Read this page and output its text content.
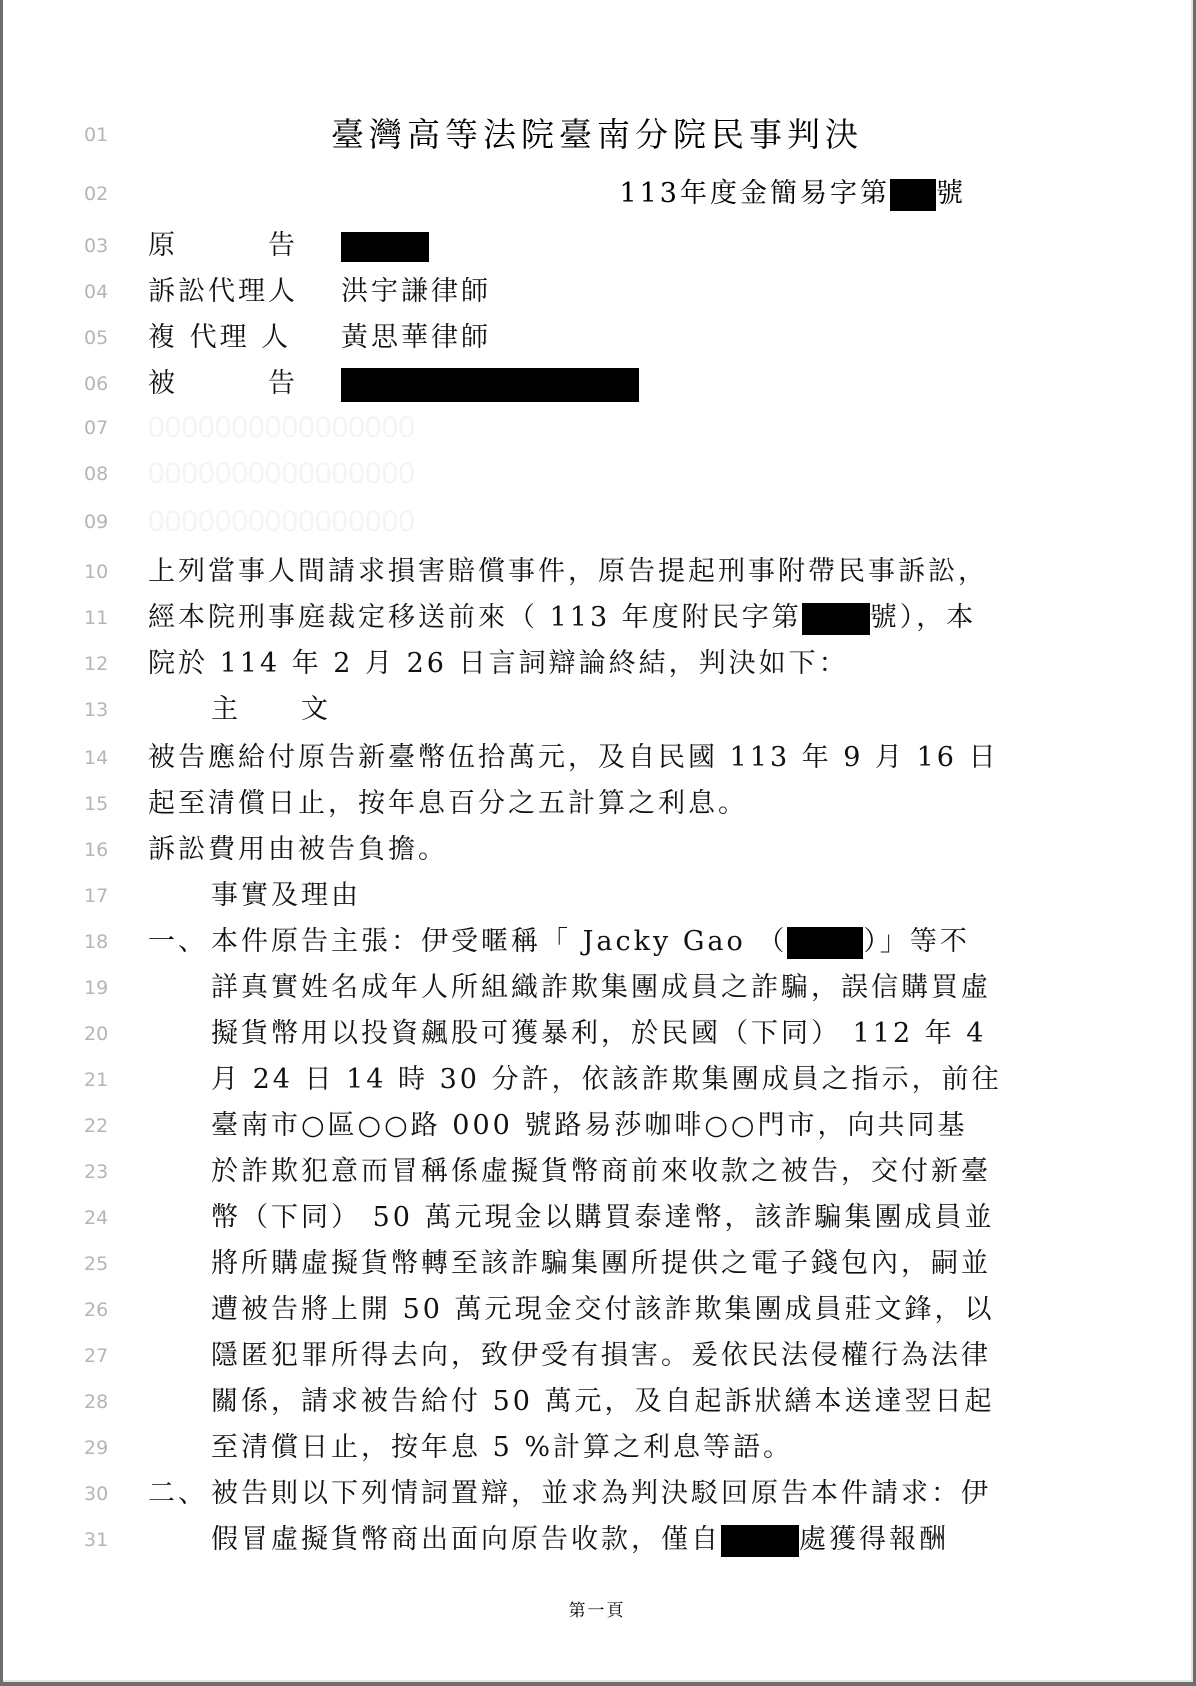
01	臺灣高等法院臺南分院民事判決
02	113年度金簡易字第 號
03	原　　　告
04	訴訟代理人 洪宇謙律師
05	複 代理 人 黃思華律師
06	被　　　告
07	0000000000000000
08	0000000000000000
09	0000000000000000
10	上列當事人間請求損害賠償事件，原告提起刑事附帶民事訴訟，
11	經本院刑事庭裁定移送前來（ 113 年度附民字第	號），本
12	院於 114 年 2 月 26 日言詞辯論終結，判決如下：
13	主　　文
14	被告應給付原告新臺幣伍拾萬元，及自民國 113 年 9 月 16 日
15	起至清償日止，按年息百分之五計算之利息。
16	訴訟費用由被告負擔。
17	事實及理由
18	一、 本件原告主張：伊受暱稱「 Jacky Gao （	）」等不
19	詳真實姓名成年人所組織詐欺集團成員之詐騙，誤信購買虛
20	擬貨幣用以投資飆股可獲暴利，於民國（下同） 112 年 4
21	月 24 日 14 時 30 分許，依該詐欺集團成員之指示，前往
22	臺南市○區○○路 000 號路易莎咖啡○○門市，向共同基
23	於詐欺犯意而冒稱係虛擬貨幣商前來收款之被告，交付新臺
24	幣（下同） 50 萬元現金以購買泰達幣，該詐騙集團成員並
25	將所購虛擬貨幣轉至該詐騙集團所提供之電子錢包內，嗣並
26	遭被告將上開 50 萬元現金交付該詐欺集團成員莊文鋒，以
27	隱匿犯罪所得去向，致伊受有損害。爰依民法侵權行為法律
28	關係，請求被告給付 50 萬元，及自起訴狀繕本送達翌日起
29	至清償日止，按年息 5 %計算之利息等語。
30	二、 被告則以下列情詞置辯，並求為判決駁回原告本件請求：伊
31	假冒虛擬貨幣商出面向原告收款，僅自	處獲得報酬
第一頁
